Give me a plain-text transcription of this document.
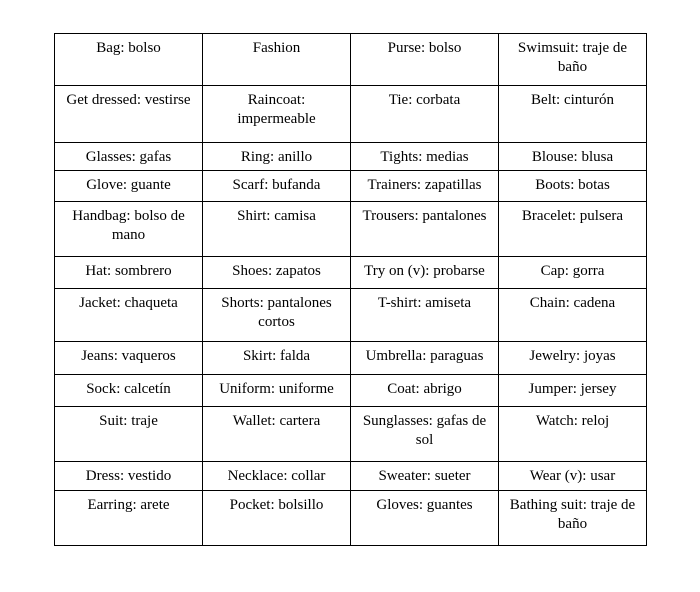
Bag: bolso	Fashion	Purse: bolso	Swimsuit: traje de baño
Get dressed: vestirse	Raincoat: impermeable	Tie: corbata	Belt: cinturón
Glasses: gafas	Ring: anillo	Tights: medias	Blouse: blusa
Glove: guante	Scarf: bufanda	Trainers: zapatillas	Boots: botas
Handbag: bolso de mano	Shirt: camisa	Trousers: pantalones	Bracelet: pulsera
Hat: sombrero	Shoes: zapatos	Try on (v): probarse	Cap: gorra
Jacket: chaqueta	Shorts: pantalones cortos	T-shirt: amiseta	Chain: cadena
Jeans: vaqueros	Skirt: falda	Umbrella: paraguas	Jewelry: joyas
Sock: calcetín	Uniform: uniforme	Coat: abrigo	Jumper: jersey
Suit: traje	Wallet: cartera	Sunglasses: gafas de sol	Watch: reloj
Dress: vestido	Necklace: collar	Sweater: sueter	Wear (v): usar
Earring: arete	Pocket: bolsillo	Gloves: guantes	Bathing suit: traje de baño
